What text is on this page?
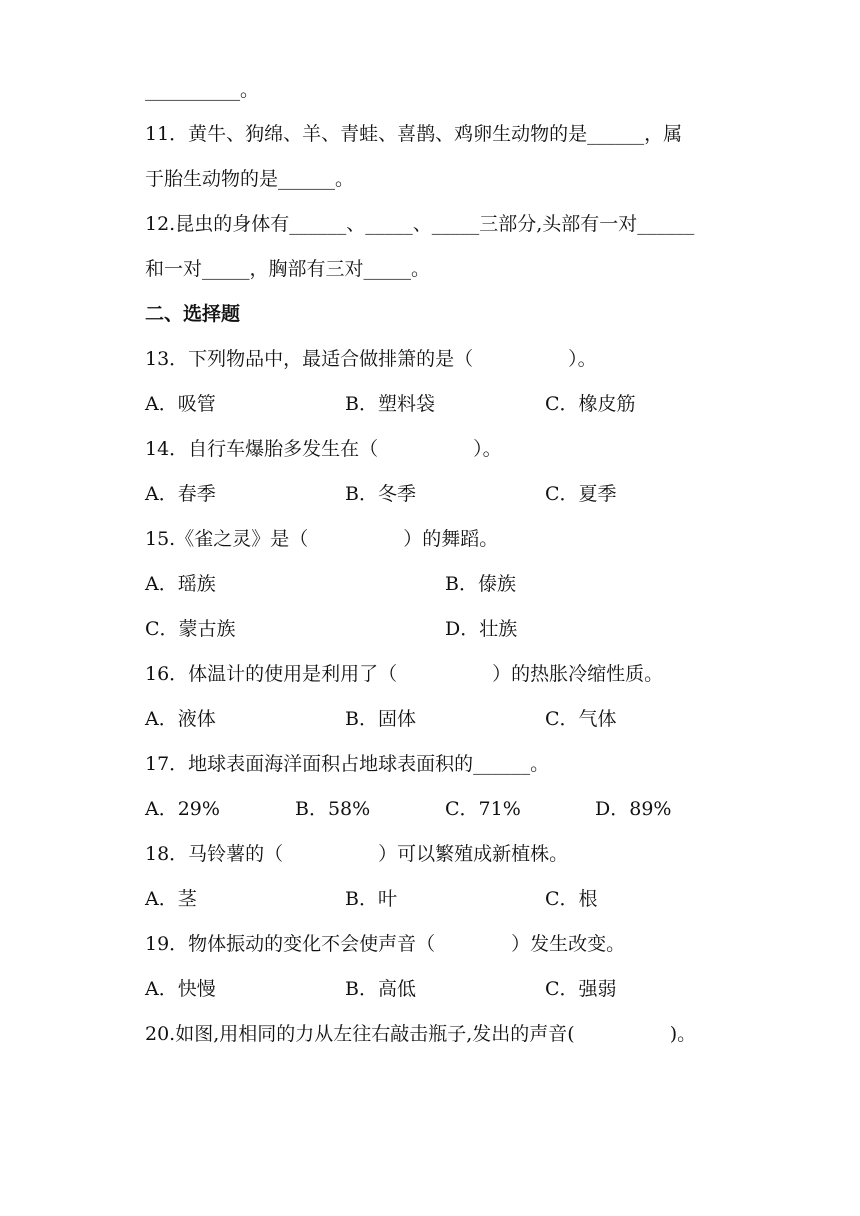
__________。
11．黄牛、狗绵、羊、青蛙、喜鹊、鸡卵生动物的是______，属
于胎生动物的是______。
12.昆虫的身体有______、_____、_____三部分,头部有一对______
和一对_____，胸部有三对_____。
二、选择题
13．下列物品中，最适合做排箫的是（　　　　　）。
A．吸管	B．塑料袋	C．橡皮筋
14．自行车爆胎多发生在（　　　　　）。
A．春季	B．冬季	C．夏季
15.《雀之灵》是（　　　　　）的舞蹈。
A．瑶族	B．傣族
C．蒙古族	D．壮族
16．体温计的使用是利用了（　　　　　）的热胀冷缩性质。
A．液体	B．固体	C．气体
17．地球表面海洋面积占地球表面积的______。
A．29%	B．58%	C．71%	D．89%
18．马铃薯的（　　　　　）可以繁殖成新植株。
A．茎	B．叶	C．根
19．物体振动的变化不会使声音（　　　　）发生改变。
A．快慢	B．高低	C．强弱
20.如图,用相同的力从左往右敲击瓶子,发出的声音(　　　　　)。
